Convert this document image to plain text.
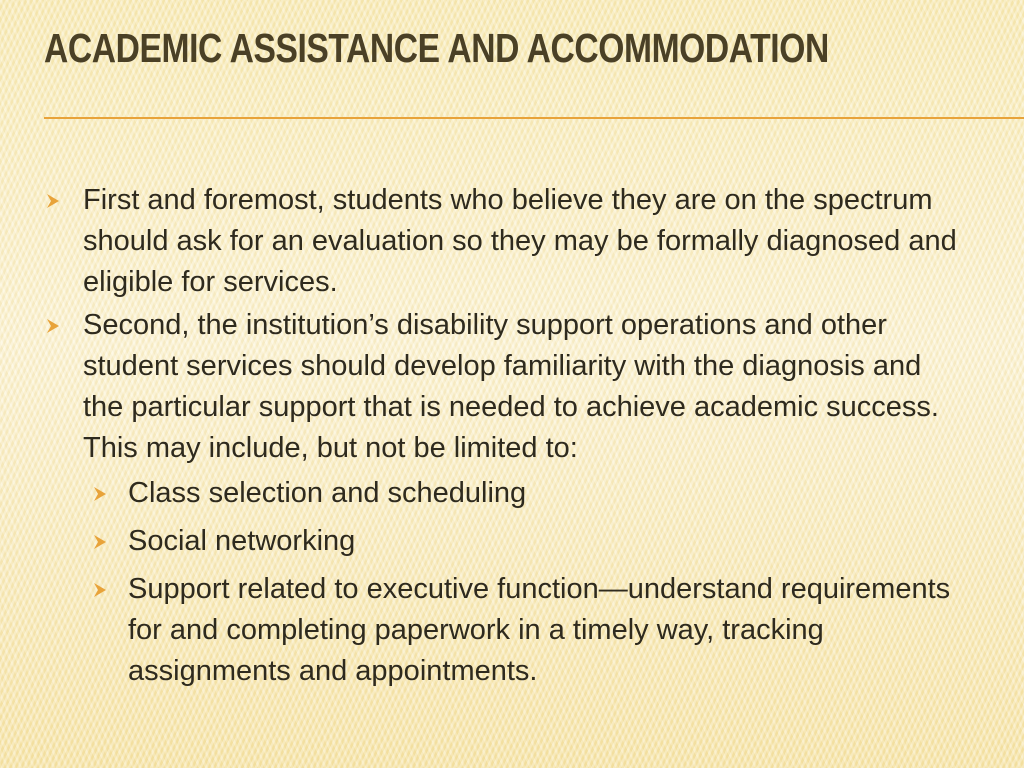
ACADEMIC ASSISTANCE AND ACCOMMODATION
First and foremost, students who believe they are on the spectrum should ask for an evaluation so they may be formally diagnosed and eligible for services.
Second, the institution’s disability support operations and other student services should develop familiarity with the diagnosis and the particular support that is needed to achieve academic success. This may include, but not be limited to:
Class selection and scheduling
Social networking
Support related to executive function—understand requirements for and completing paperwork in a timely way, tracking assignments and appointments.
